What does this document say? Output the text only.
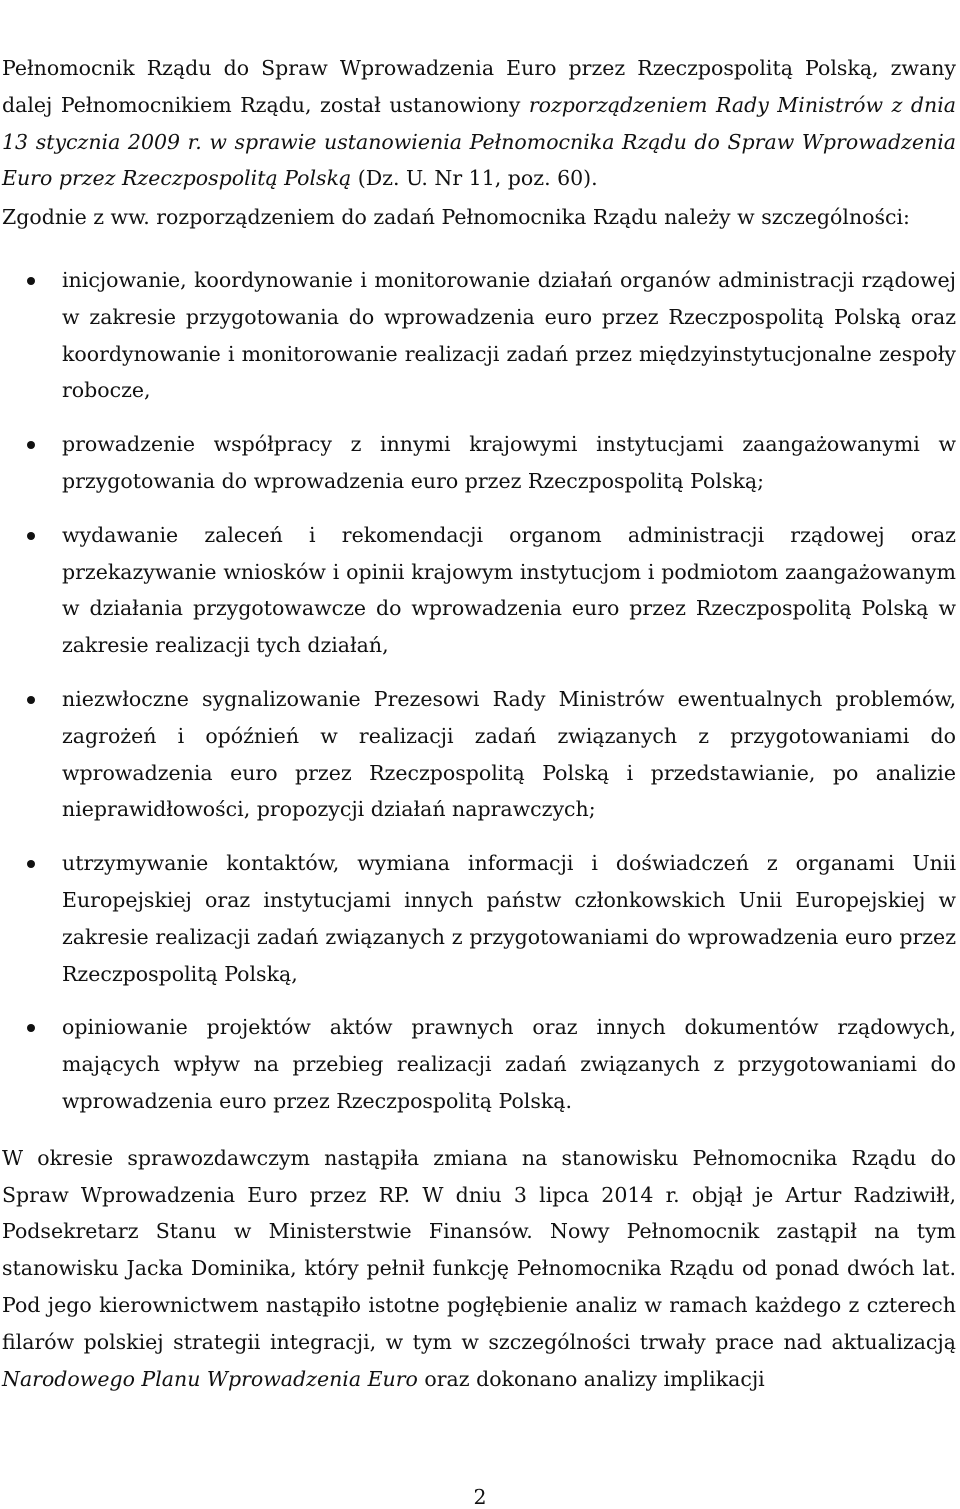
Pełnomocnik Rządu do Spraw Wprowadzenia Euro przez Rzeczpospolitą Polską, zwany dalej Pełnomocnikiem Rządu, został ustanowiony rozporządzeniem Rady Ministrów z dnia 13 stycznia 2009 r. w sprawie ustanowienia Pełnomocnika Rządu do Spraw Wprowadzenia Euro przez Rzeczpospolitą Polską (Dz. U. Nr 11, poz. 60).

Zgodnie z ww. rozporządzeniem do zadań Pełnomocnika Rządu należy w szczególności:

inicjowanie, koordynowanie i monitorowanie działań organów administracji rządowej w zakresie przygotowania do wprowadzenia euro przez Rzeczpospolitą Polską oraz koordynowanie i monitorowanie realizacji zadań przez międzyinstytucjonalne zespoły robocze,
prowadzenie współpracy z innymi krajowymi instytucjami zaangażowanymi w przygotowania do wprowadzenia euro przez Rzeczpospolitą Polską;
wydawanie zaleceń i rekomendacji organom administracji rządowej oraz przekazywanie wniosków i opinii krajowym instytucjom i podmiotom zaangażowanym w działania przygotowawcze do wprowadzenia euro przez Rzeczpospolitą Polską w zakresie realizacji tych działań,
niezwłoczne sygnalizowanie Prezesowi Rady Ministrów ewentualnych problemów, zagrożeń i opóźnień w realizacji zadań związanych z przygotowaniami do wprowadzenia euro przez Rzeczpospolitą Polską i przedstawianie, po analizie nieprawidłowości, propozycji działań naprawczych;
utrzymywanie kontaktów, wymiana informacji i doświadczeń z organami Unii Europejskiej oraz instytucjami innych państw członkowskich Unii Europejskiej w zakresie realizacji zadań związanych z przygotowaniami do wprowadzenia euro przez Rzeczpospolitą Polską,
opiniowanie projektów aktów prawnych oraz innych dokumentów rządowych, mających wpływ na przebieg realizacji zadań związanych z przygotowaniami do wprowadzenia euro przez Rzeczpospolitą Polską.

W okresie sprawozdawczym nastąpiła zmiana na stanowisku Pełnomocnika Rządu do Spraw Wprowadzenia Euro przez RP. W dniu 3 lipca 2014 r. objął je Artur Radziwiłł, Podsekretarz Stanu w Ministerstwie Finansów. Nowy Pełnomocnik zastąpił na tym stanowisku Jacka Dominika, który pełnił funkcję Pełnomocnika Rządu od ponad dwóch lat. Pod jego kierownictwem nastąpiło istotne pogłębienie analiz w ramach każdego z czterech filarów polskiej strategii integracji, w tym w szczególności trwały prace nad aktualizacją Narodowego Planu Wprowadzenia Euro oraz dokonano analizy implikacji

2
